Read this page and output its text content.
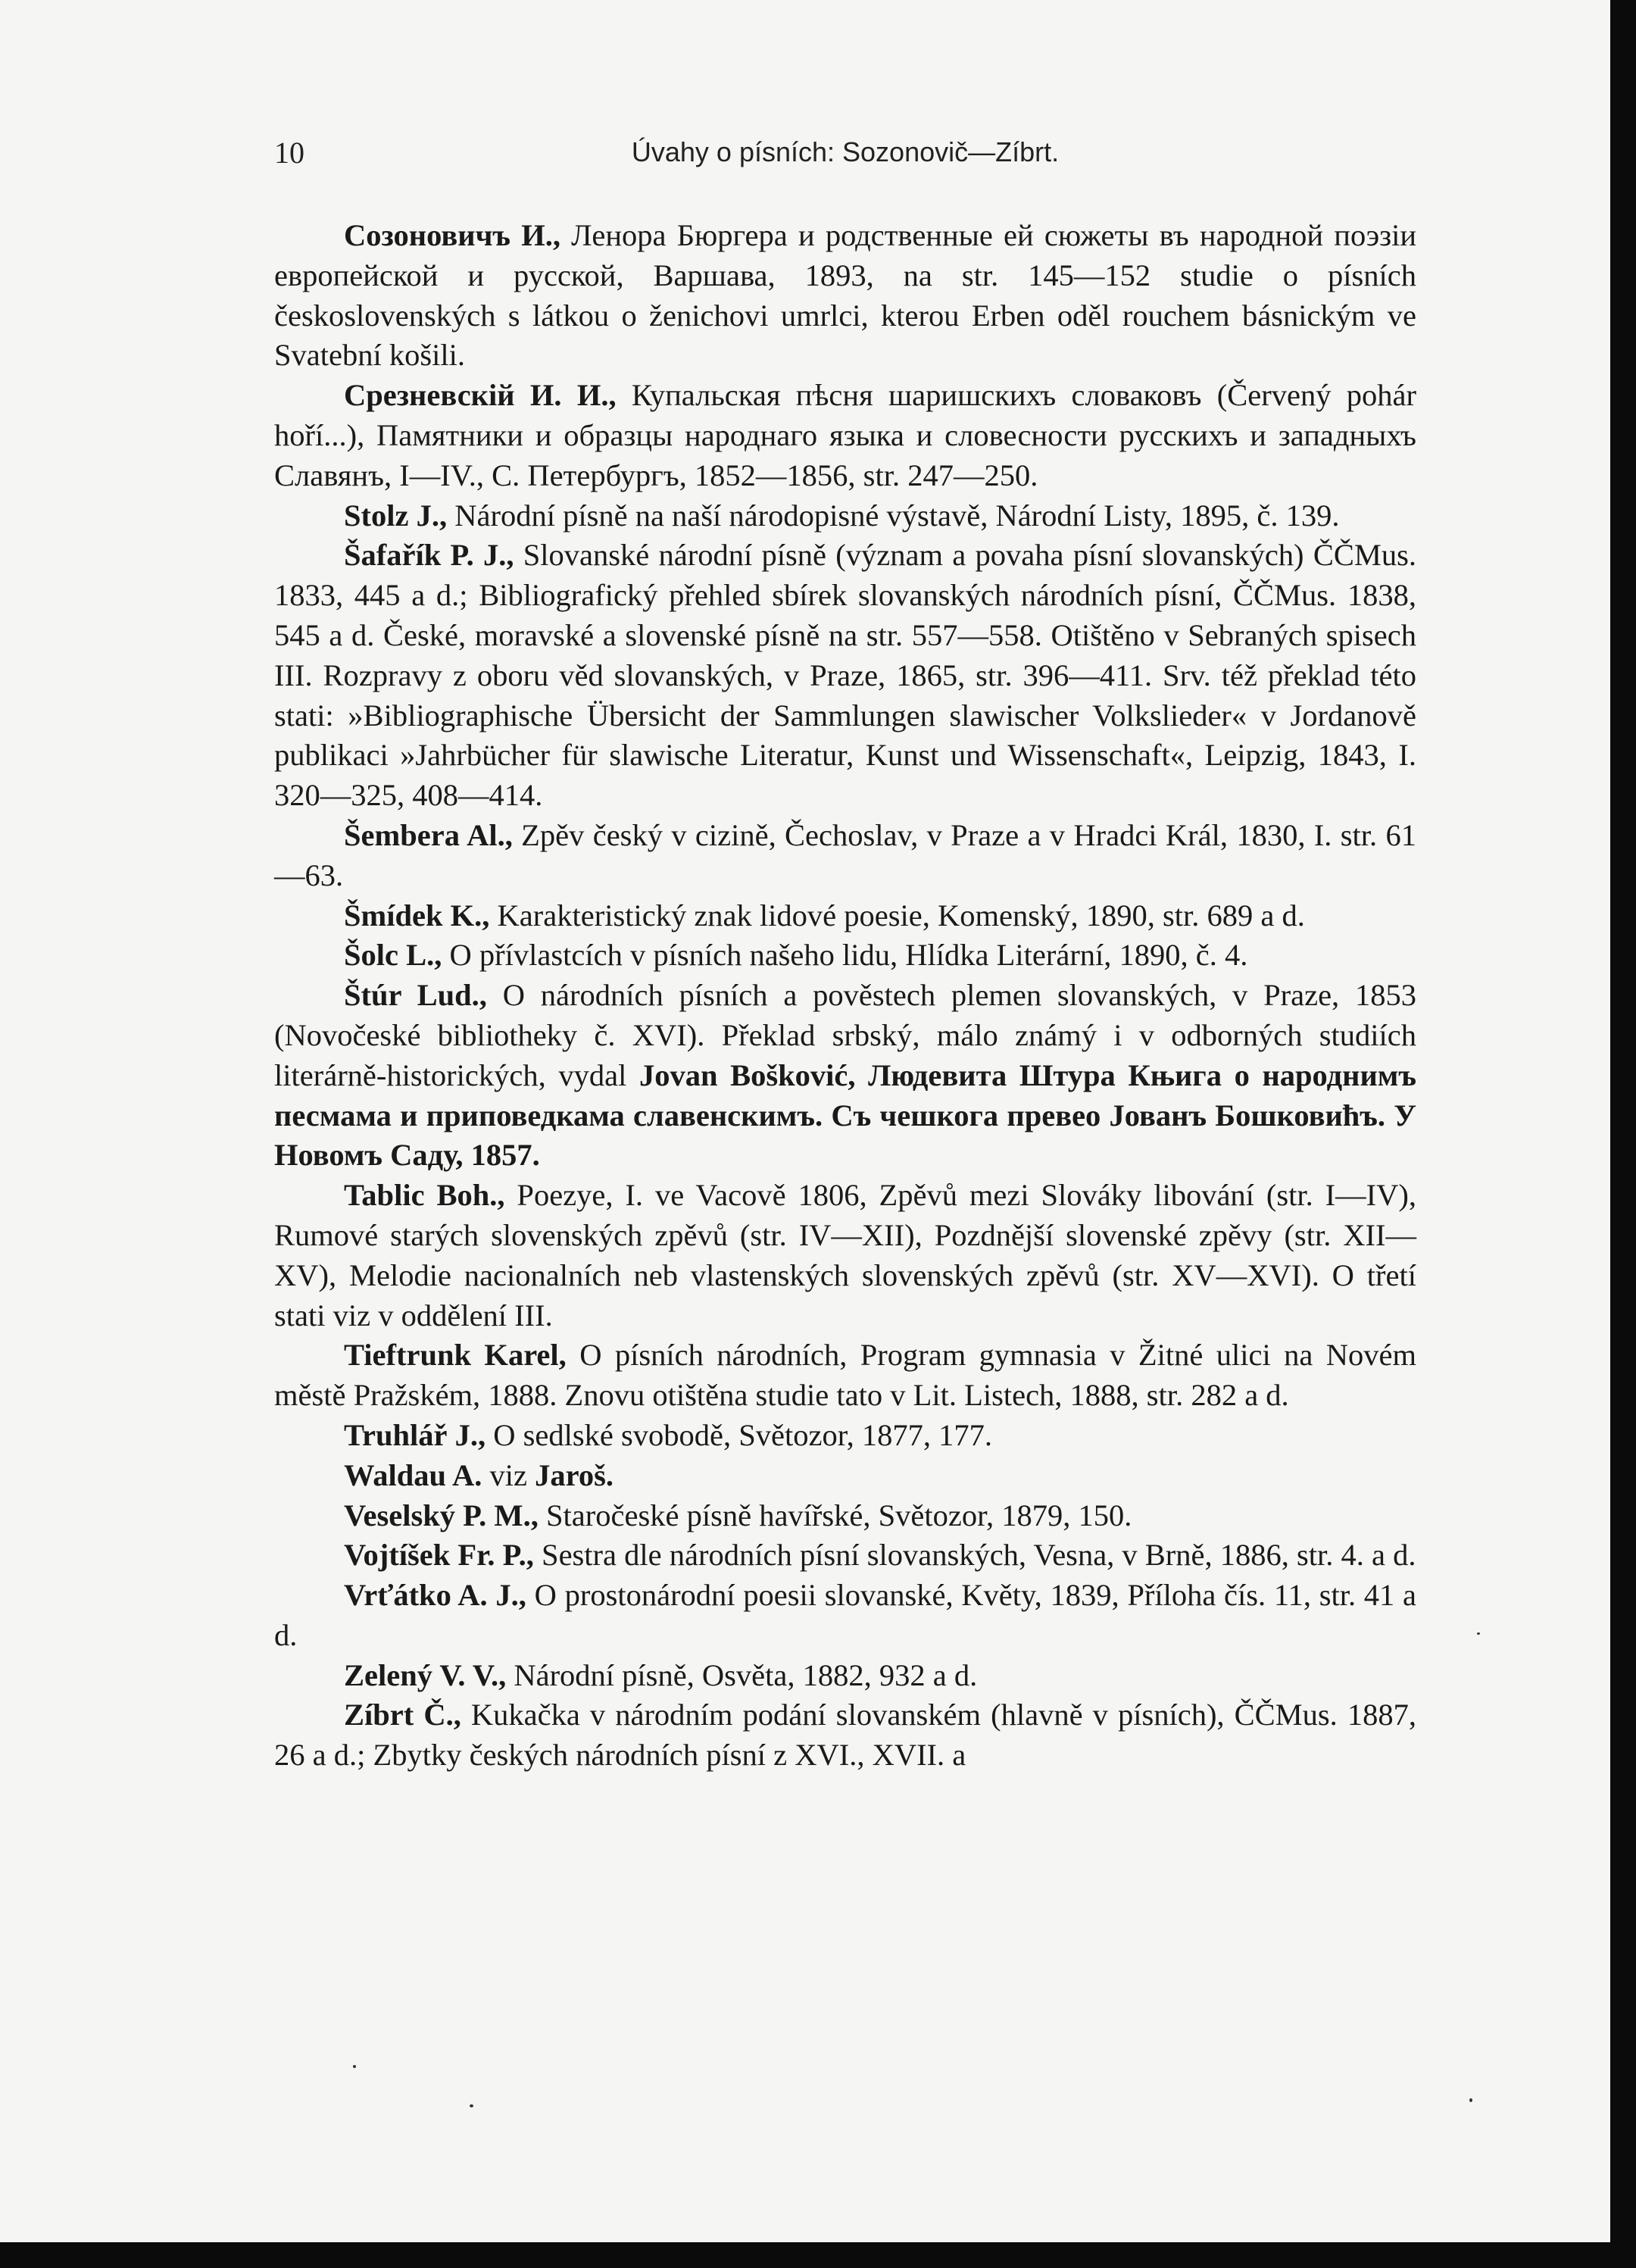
10	Úvahy o písních: Sozonovič—Zíbrt.

Созоновичъ И., Ленора Бюргера и родственные ей сюжеты въ народной поэзіи европейской и русской, Варшава, 1893, na str. 145—152 studie o písních československých s látkou o ženichovi umrlci, kterou Erben oděl rouchem básnickým ve Svatební košili.

Срезневскій И. И., Купальская пѣсня шаришскихъ словаковъ (Červený pohár hoří...), Памятники и образцы народнаго языка и словесности русскихъ и западныхъ Славянъ, I—IV., С. Петербургъ, 1852—1856, str. 247—250.

Stolz J., Národní písně na naší národopisné výstavě, Národní Listy, 1895, č. 139.

Šafařík P. J., Slovanské národní písně (význam a povaha písní slovanských) ČČMus. 1833, 445 a d.; Bibliografický přehled sbírek slovanských národních písní, ČČMus. 1838, 545 a d. České, moravské a slovenské písně na str. 557—558. Otištěno v Sebraných spisech III. Rozpravy z oboru věd slovanských, v Praze, 1865, str. 396—411. Srv. též překlad této stati: »Bibliographische Übersicht der Sammlungen slawischer Volkslieder« v Jordanově publikaci »Jahrbücher für slawische Literatur, Kunst und Wissenschaft«, Leipzig, 1843, I. 320—325, 408—414.

Šembera Al., Zpěv český v cizině, Čechoslav, v Praze a v Hradci Král, 1830, I. str. 61—63.

Šmídek K., Karakteristický znak lidové poesie, Komenský, 1890, str. 689 a d.

Šolc L., O přívlastcích v písních našeho lidu, Hlídka Literární, 1890, č. 4.

Štúr Lud., O národních písních a pověstech plemen slovanských, v Praze, 1853 (Novočeské bibliotheky č. XVI). Překlad srbský, málo známý i v odborných studiích literárně-historických, vydal Jovan Bošković, Людевита Штура Књига о народнимъ песмама и приповедкама славенскимъ. Съ чешкога превео Јованъ Бошковићъ. У Новомъ Саду, 1857.

Tablic Boh., Poezye, I. ve Vacově 1806, Zpěvů mezi Slováky libování (str. I—IV), Rumové starých slovenských zpěvů (str. IV—XII), Pozdnější slovenské zpěvy (str. XII—XV), Melodie nacionalních neb vlastenských slovenských zpěvů (str. XV—XVI). O třetí stati viz v oddělení III.

Tieftrunk Karel, O písních národních, Program gymnasia v Žitné ulici na Novém městě Pražském, 1888. Znovu otištěna studie tato v Lit. Listech, 1888, str. 282 a d.

Truhlář J., O sedlské svobodě, Světozor, 1877, 177.

Waldau A. viz Jaroš.

Veselský P. M., Staročeské písně havířské, Světozor, 1879, 150.

Vojtíšek Fr. P., Sestra dle národních písní slovanských, Vesna, v Brně, 1886, str. 4. a d.

Vrťátko A. J., O prostonárodní poesii slovanské, Květy, 1839, Příloha čís. 11, str. 41 a d.

Zelený V. V., Národní písně, Osvěta, 1882, 932 a d.

Zíbrt Č., Kukačka v národním podání slovanském (hlavně v písních), ČČMus. 1887, 26 a d.; Zbytky českých národních písní z XVI., XVII. a
